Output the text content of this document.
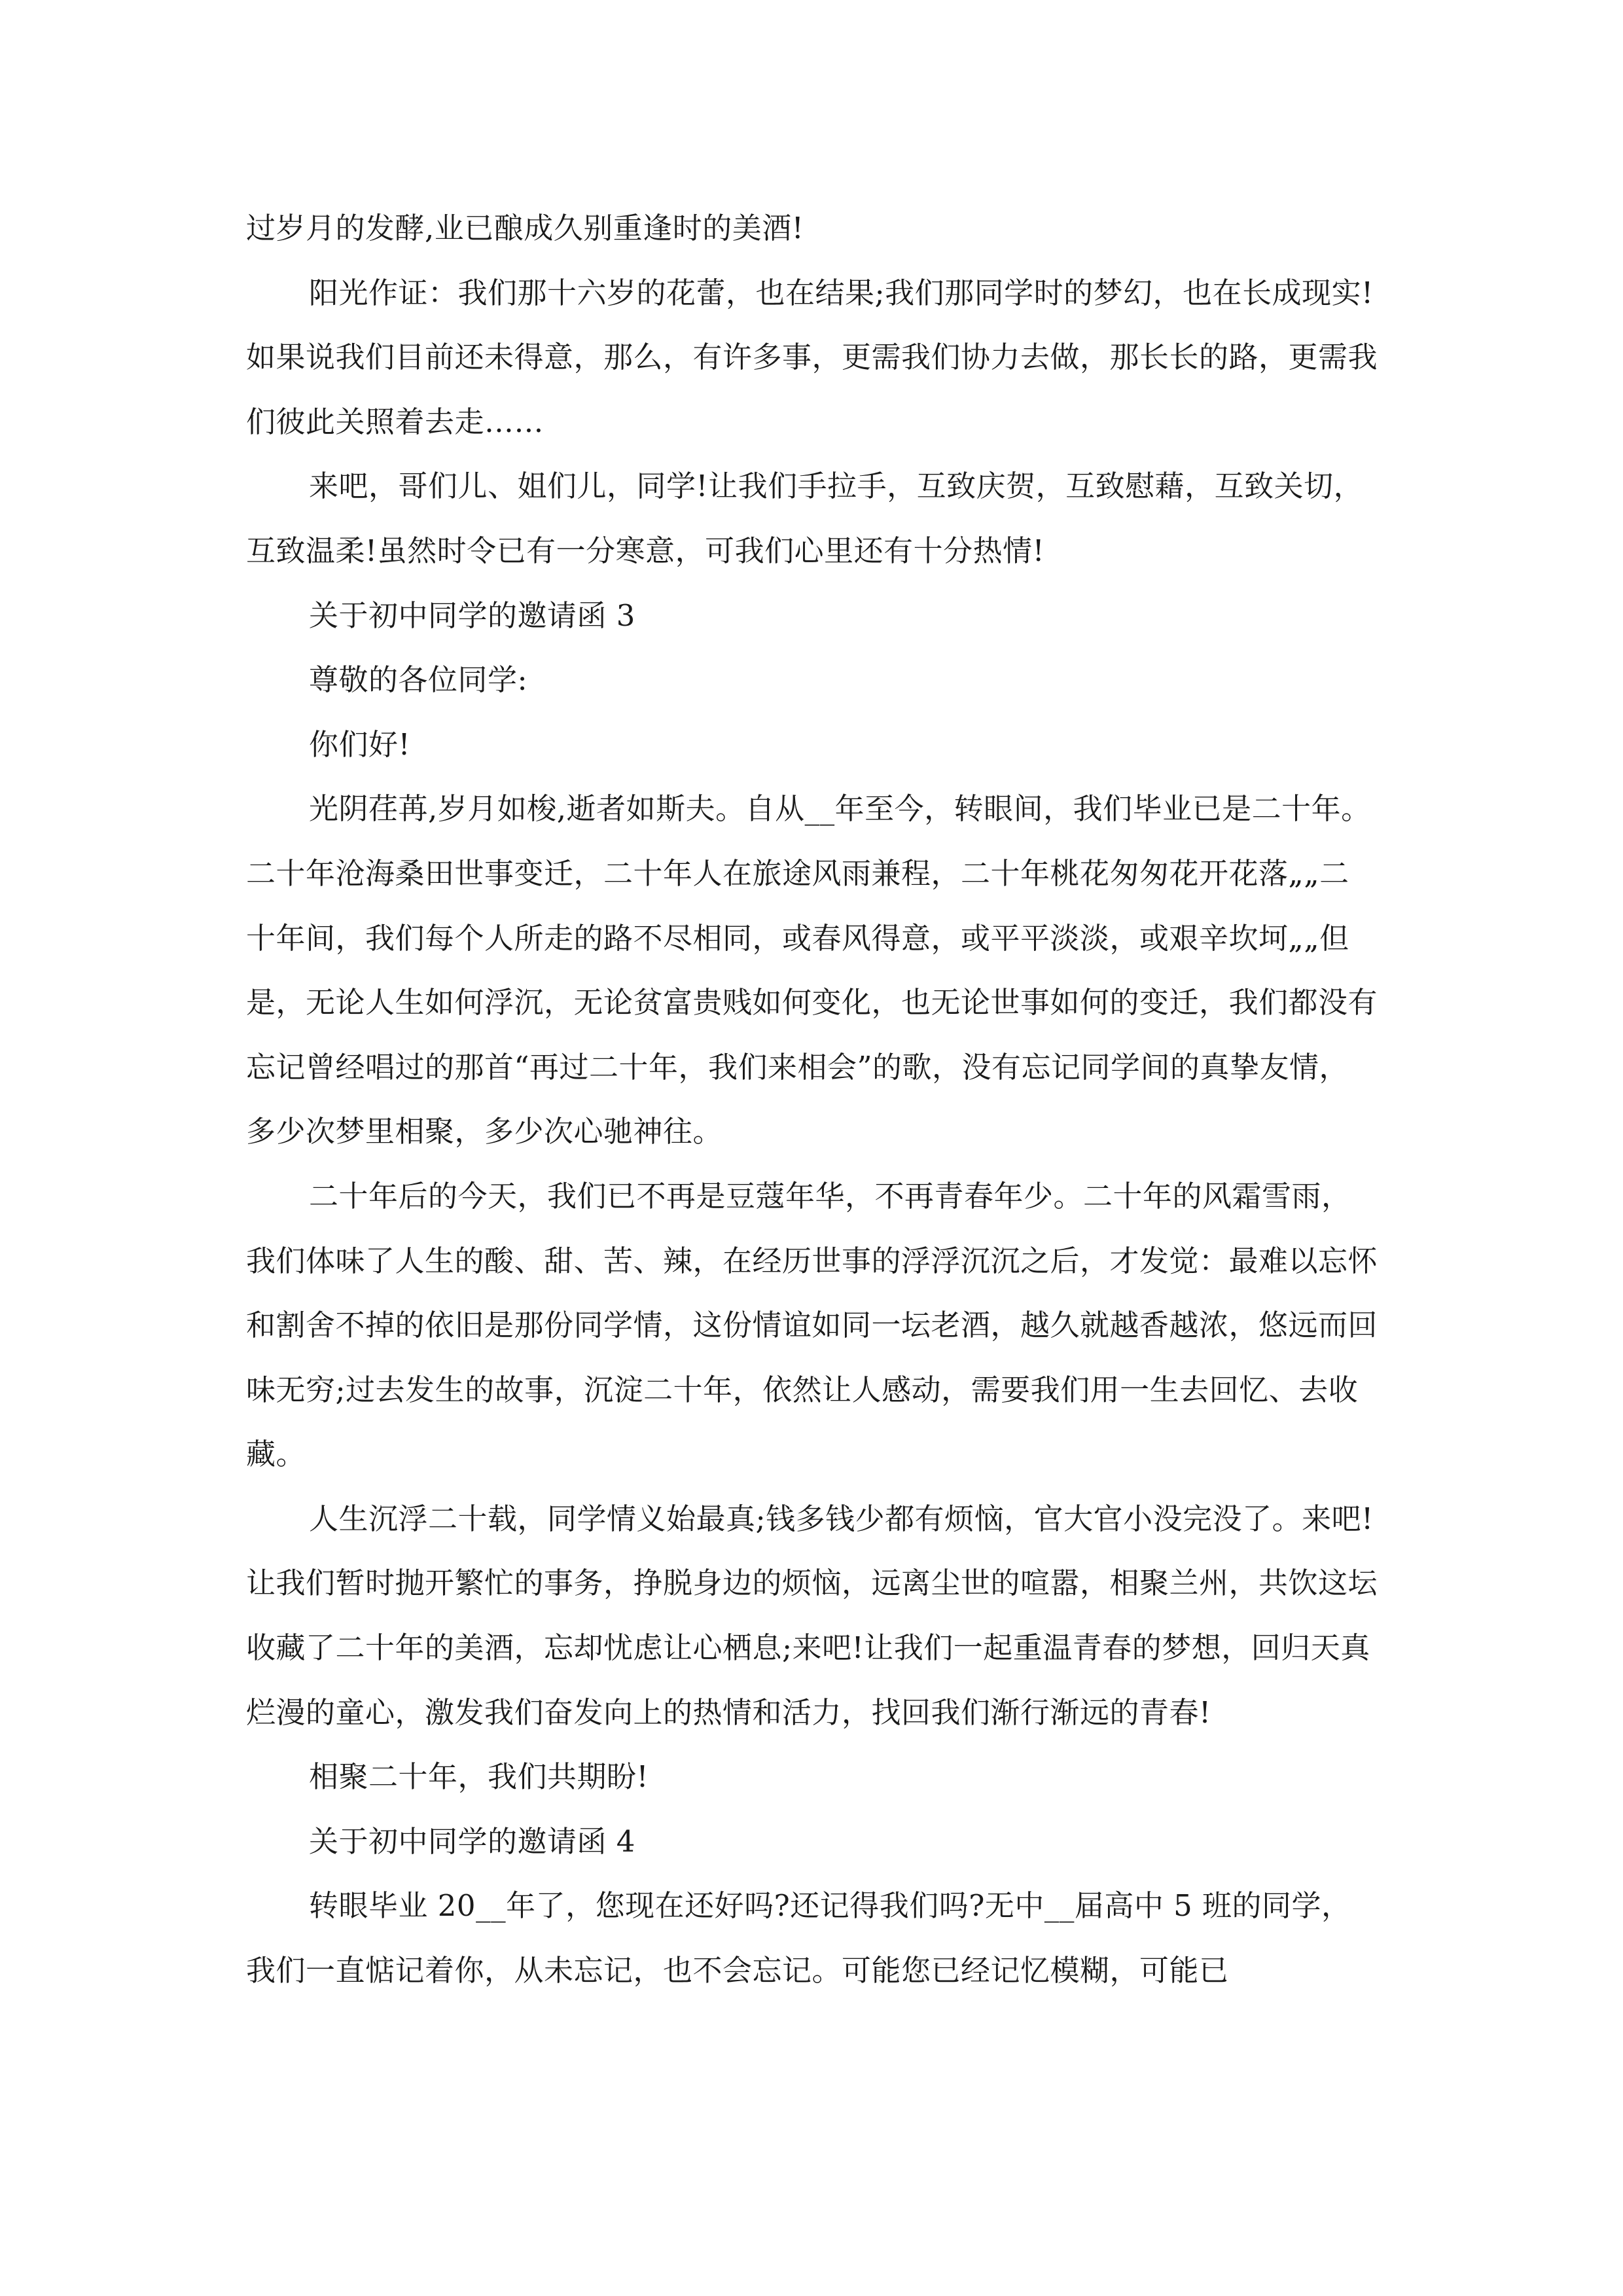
过岁月的发酵,业已酿成久别重逢时的美酒!

阳光作证：我们那十六岁的花蕾，也在结果;我们那同学时的梦幻，也在长成现实!如果说我们目前还未得意，那么，有许多事，更需我们协力去做，那长长的路，更需我们彼此关照着去走……

来吧，哥们儿、姐们儿，同学!让我们手拉手，互致庆贺，互致慰藉，互致关切，互致温柔!虽然时令已有一分寒意，可我们心里还有十分热情!

关于初中同学的邀请函 3

尊敬的各位同学:

你们好!

光阴荏苒,岁月如梭,逝者如斯夫。自从__年至今，转眼间，我们毕业已是二十年。 二十年沧海桑田世事变迁，二十年人在旅途风雨兼程，二十年桃花匆匆花开花落„„二十年间，我们每个人所走的路不尽相同，或春风得意，或平平淡淡，或艰辛坎坷„„但是，无论人生如何浮沉，无论贫富贵贱如何变化，也无论世事如何的变迁，我们都没有忘记曾经唱过的那首“再过二十年，我们来相会”的歌，没有忘记同学间的真挚友情，多少次梦里相聚，多少次心驰神往。

二十年后的今天，我们已不再是豆蔻年华，不再青春年少。二十年的风霜雪雨，我们体味了人生的酸、甜、苦、辣，在经历世事的浮浮沉沉之后，才发觉：最难以忘怀和割舍不掉的依旧是那份同学情，这份情谊如同一坛老酒，越久就越香越浓，悠远而回味无穷;过去发生的故事，沉淀二十年，依然让人感动，需要我们用一生去回忆、去收藏。

人生沉浮二十载，同学情义始最真;钱多钱少都有烦恼，官大官小没完没了。来吧!让我们暂时抛开繁忙的事务，挣脱身边的烦恼，远离尘世的喧嚣，相聚兰州，共饮这坛收藏了二十年的美酒，忘却忧虑让心栖息;来吧!让我们一起重温青春的梦想，回归天真烂漫的童心，激发我们奋发向上的热情和活力，找回我们渐行渐远的青春!

相聚二十年，我们共期盼!

关于初中同学的邀请函 4

转眼毕业 20__年了，您现在还好吗?还记得我们吗?无中__届高中 5 班的同学，我们一直惦记着你，从未忘记，也不会忘记。可能您已经记忆模糊，可能已
